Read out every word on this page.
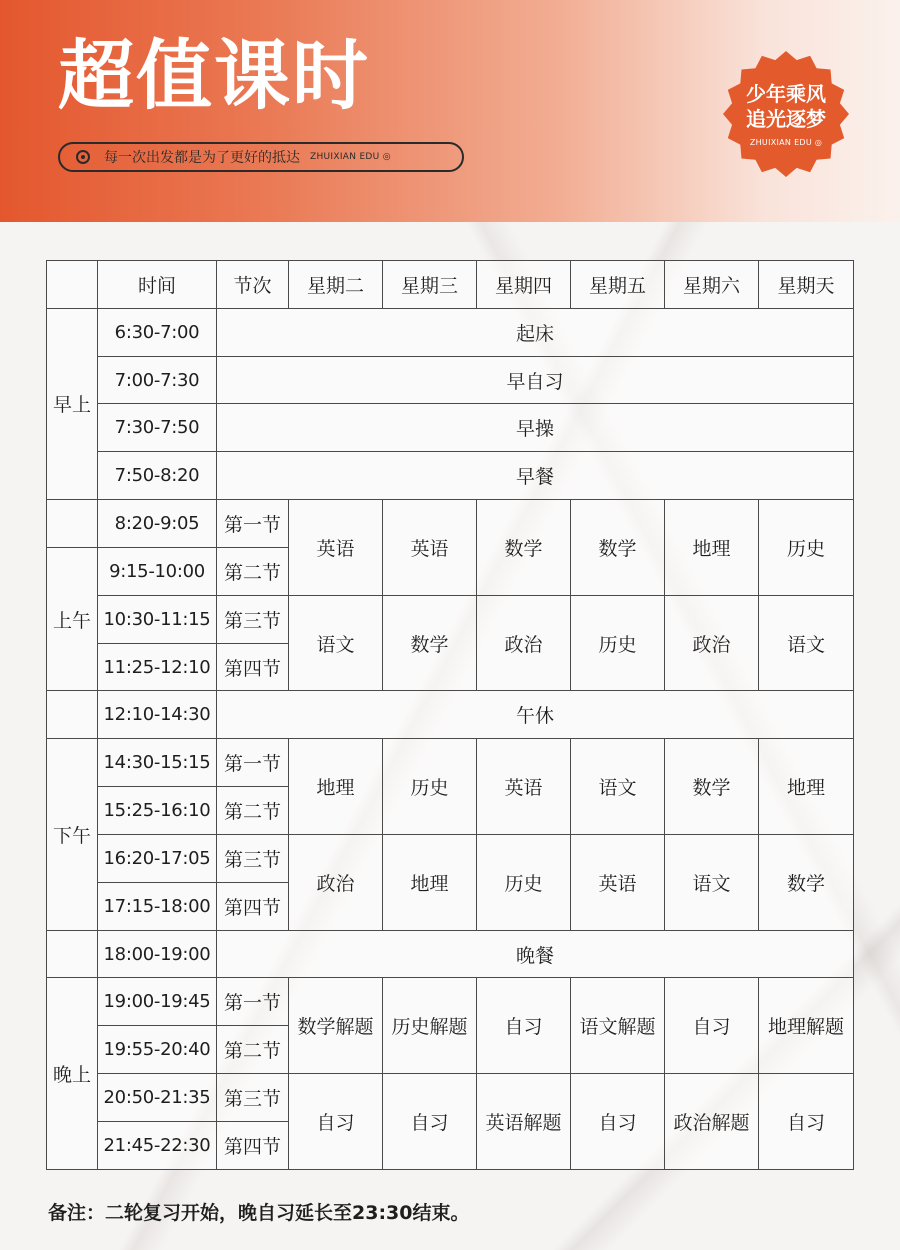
超值课时
每一次出发都是为了更好的抵达 ZHUIXIAN EDU ◎
少年乘风
追光逐梦
ZHUIXIAN EDU ◎
	时间	节次	星期二	星期三	星期四	星期五	星期六	星期天
早上	6:30-7:00	起床						
	7:00-7:30	早自习						
	7:30-7:50	早操						
	7:50-8:20	早餐						
	8:20-9:05	第一节	英语	英语	数学	数学	地理	历史
上午	9:15-10:00	第二节						
	10:30-11:15	第三节	语文	数学	政治	历史	政治	语文
	11:25-12:10	第四节						
	12:10-14:30	午休						
下午	14:30-15:15	第一节	地理	历史	英语	语文	数学	地理
	15:25-16:10	第二节						
	16:20-17:05	第三节	政治	地理	历史	英语	语文	数学
	17:15-18:00	第四节						
	18:00-19:00	晚餐						
晚上	19:00-19:45	第一节	数学解题	历史解题	自习	语文解题	自习	地理解题
	19:55-20:40	第二节						
	20:50-21:35	第三节	自习	自习	英语解题	自习	政治解题	自习
	21:45-22:30	第四节						
备注：二轮复习开始，晚自习延长至23:30结束。
